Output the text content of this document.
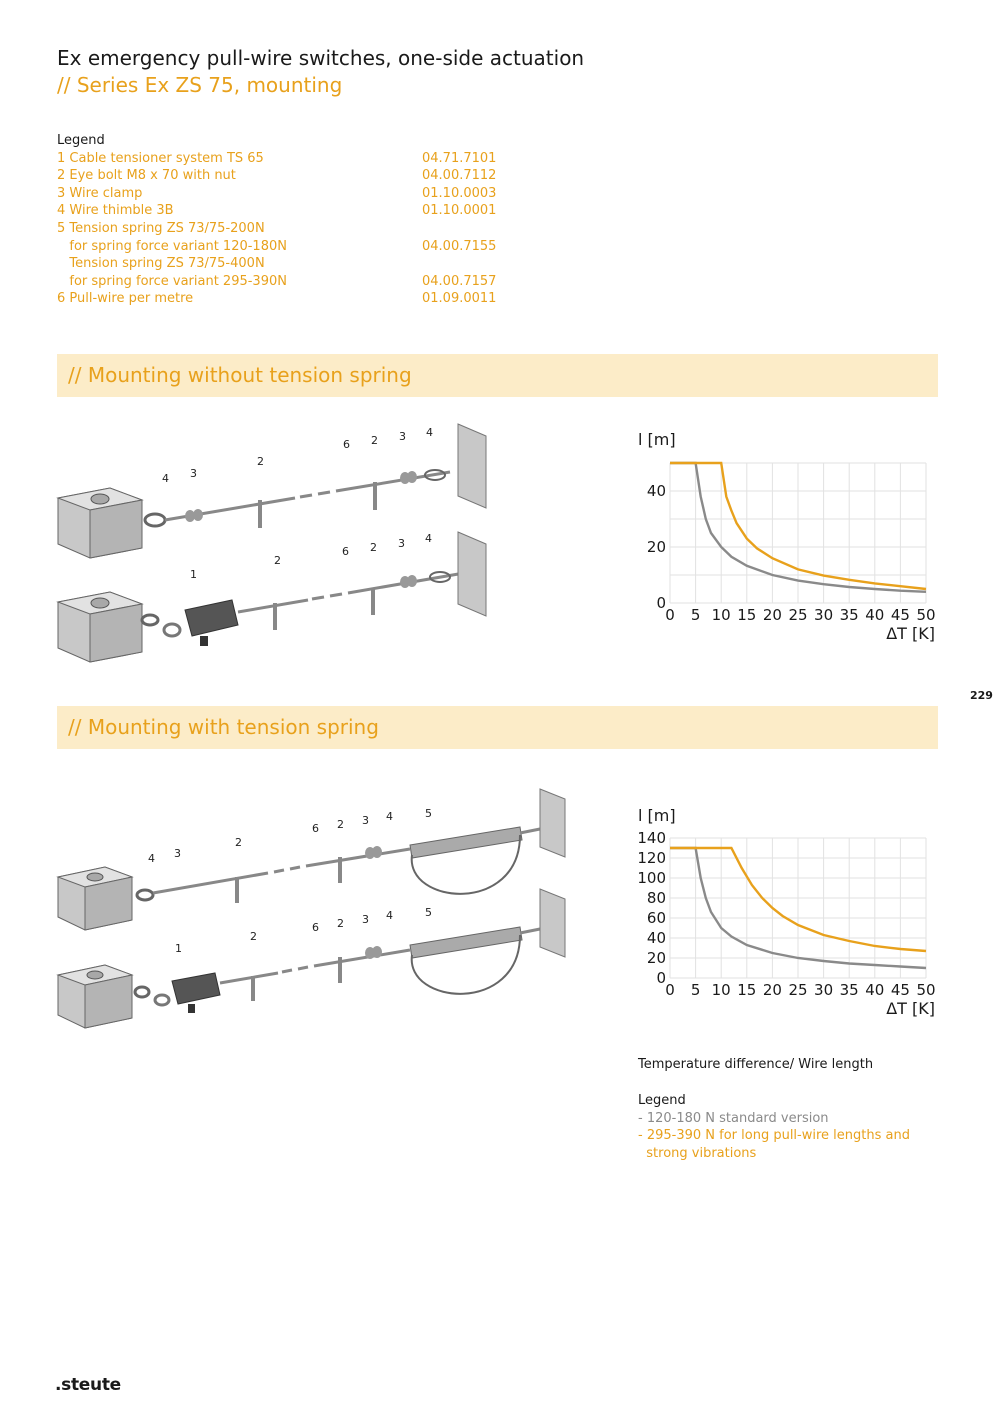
Ex emergency pull-wire switches, one-side actuation
// Series Ex ZS 75, mounting
Legend
1 Cable tensioner system TS 65	04.71.7101
2 Eye bolt M8 x 70 with nut	04.00.7112
3 Wire clamp	01.10.0003
4 Wire thimble 3B	01.10.0001
5 Tension spring ZS 73/75-200N
for spring force variant 120-180N	04.00.7155
Tension spring ZS 73/75-400N
for spring force variant 295-390N	04.00.7157
6 Pull-wire per metre	01.09.0011
// Mounting without tension spring
4 3
2
6 2 3 4
1
2
6 2 3 4
0 5 10 15 20 25 30 35 40 45 50
0
20
40
l [m]
ΔT [K]
229
// Mounting with tension spring
4 3
2
6 2 3 4	5
1
2
6 2 3 4	5
0 5 10 15 20 25 30 35 40 45 50
0
20
40
60
80
100
120
140
l [m]
ΔT [K]
Temperature difference/ Wire length
Legend
- 120-180 N standard version
- 295-390 N for long pull-wire lengths and
strong vibrations
.steute
